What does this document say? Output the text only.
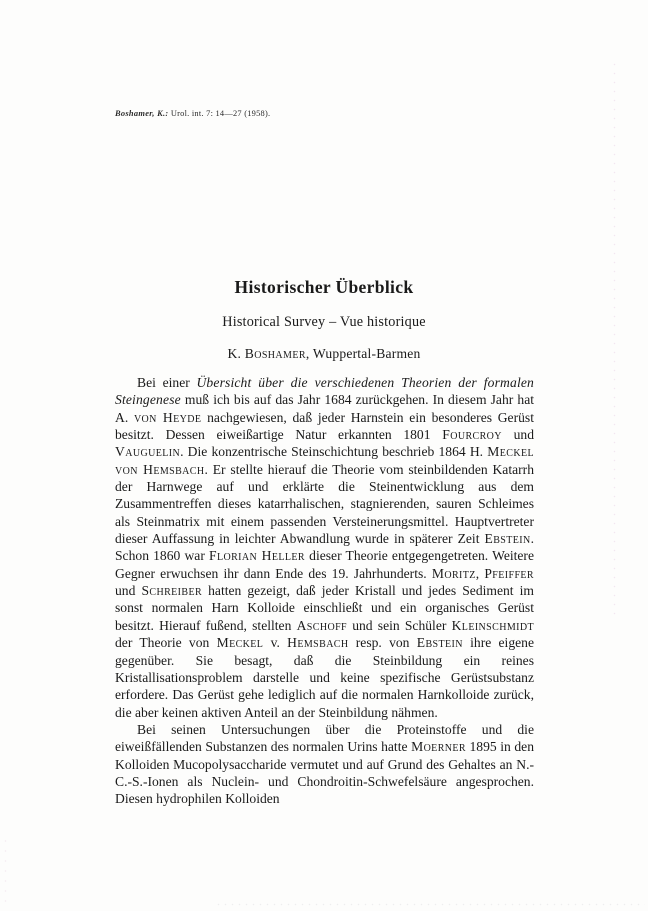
Boshamer, K.: Urol. int. 7: 14—27 (1958).
Historischer Überblick

Historical Survey – Vue historique

K. Boshamer, Wuppertal-Barmen

Bei einer Übersicht über die verschiedenen Theorien der formalen Steingenese muß ich bis auf das Jahr 1684 zurückgehen. In diesem Jahr hat A. von Heyde nachgewiesen, daß jeder Harnstein ein besonderes Gerüst besitzt. Dessen eiweißartige Natur erkannten 1801 Fourcroy und Vauguelin. Die konzentrische Steinschichtung beschrieb 1864 H. Meckel von Hemsbach. Er stellte hierauf die Theorie vom steinbildenden Katarrh der Harnwege auf und erklärte die Steinentwicklung aus dem Zusammentreffen dieses katarrhalischen, stagnierenden, sauren Schleimes als Steinmatrix mit einem passenden Versteinerungsmittel. Hauptvertreter dieser Auffassung in leichter Abwandlung wurde in späterer Zeit Ebstein. Schon 1860 war Florian Heller dieser Theorie entgegengetreten. Weitere Gegner erwuchsen ihr dann Ende des 19. Jahrhunderts. Moritz, Pfeiffer und Schreiber hatten gezeigt, daß jeder Kristall und jedes Sediment im sonst normalen Harn Kolloide einschließt und ein organisches Gerüst besitzt. Hierauf fußend, stellten Aschoff und sein Schüler Kleinschmidt der Theorie von Meckel v. Hemsbach resp. von Ebstein ihre eigene gegenüber. Sie besagt, daß die Steinbildung ein reines Kristallisationsproblem darstelle und keine spezifische Gerüstsubstanz erfordere. Das Gerüst gehe lediglich auf die normalen Harnkolloide zurück, die aber keinen aktiven Anteil an der Steinbildung nähmen.

Bei seinen Untersuchungen über die Proteinstoffe und die eiweißfällenden Substanzen des normalen Urins hatte Moerner 1895 in den Kolloiden Mucopolysaccharide vermutet und auf Grund des Gehaltes an N.-C.-S.-Ionen als Nuclein- und Chondroitin-Schwefelsäure angesprochen. Diesen hydrophilen Kolloiden
